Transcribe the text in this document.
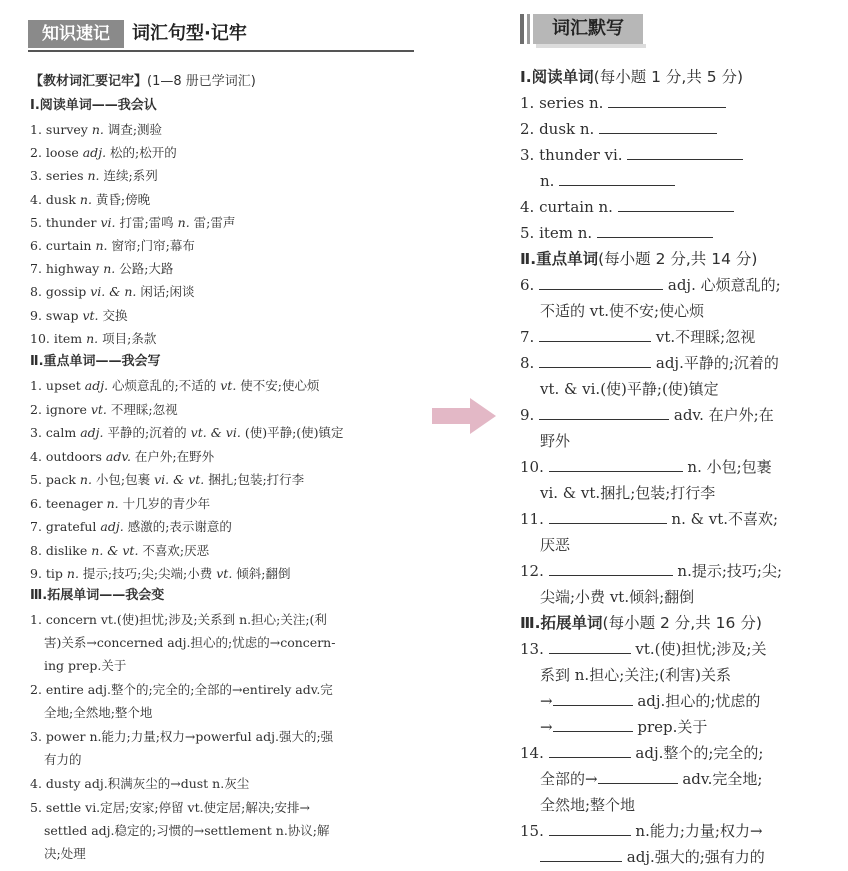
知识速记	词汇句型·记牢
【教材词汇要记牢】(1—8 册已学词汇)
Ⅰ.阅读单词——我会认
1. survey n. 调查;测验
2. loose adj. 松的;松开的
3. series n. 连续;系列
4. dusk n. 黄昏;傍晚
5. thunder vi. 打雷;雷鸣 n. 雷;雷声
6. curtain n. 窗帘;门帘;幕布
7. highway n. 公路;大路
8. gossip vi. & n. 闲话;闲谈
9. swap vt. 交换
10. item n. 项目;条款
Ⅱ.重点单词——我会写
1. upset adj. 心烦意乱的;不适的 vt. 使不安;使心烦
2. ignore vt. 不理睬;忽视
3. calm adj. 平静的;沉着的 vt. & vi. (使)平静;(使)镇定
4. outdoors adv. 在户外;在野外
5. pack n. 小包;包裹 vi. & vt. 捆扎;包装;打行李
6. teenager n. 十几岁的青少年
7. grateful adj. 感激的;表示谢意的
8. dislike n. & vt. 不喜欢;厌恶
9. tip n. 提示;技巧;尖;尖端;小费 vt. 倾斜;翻倒
Ⅲ.拓展单词——我会变
1. concern vt.(使)担忧;涉及;关系到 n.担心;关注;(利
害)关系→concerned adj.担心的;忧虑的→concern-
ing prep.关于
2. entire adj.整个的;完全的;全部的→entirely adv.完
全地;全然地;整个地
3. power n.能力;力量;权力→powerful adj.强大的;强
有力的
4. dusty adj.积满灰尘的→dust n.灰尘
5. settle vi.定居;安家;停留 vt.使定居;解决;安排→
settled adj.稳定的;习惯的→settlement n.协议;解
决;处理
词汇默写
Ⅰ.阅读单词(每小题 1 分,共 5 分)
1. series n.
2. dusk n.
3. thunder vi.
n.
4. curtain n.
5. item n.
Ⅱ.重点单词(每小题 2 分,共 14 分)
6.	adj. 心烦意乱的;
不适的 vt.使不安;使心烦
7.	vt.不理睬;忽视
8.	adj.平静的;沉着的
vt. & vi.(使)平静;(使)镇定
9.	adv. 在户外;在
野外
10.	n. 小包;包裹
vi. & vt.捆扎;包装;打行李
11.	n. & vt.不喜欢;
厌恶
12.	n.提示;技巧;尖;
尖端;小费 vt.倾斜;翻倒
Ⅲ.拓展单词(每小题 2 分,共 16 分)
13.	vt.(使)担忧;涉及;关
系到 n.担心;关注;(利害)关系
→	adj.担心的;忧虑的
→	prep.关于
14.	adj.整个的;完全的;
全部的→	adv.完全地;
全然地;整个地
15.	n.能力;力量;权力→
adj.强大的;强有力的
